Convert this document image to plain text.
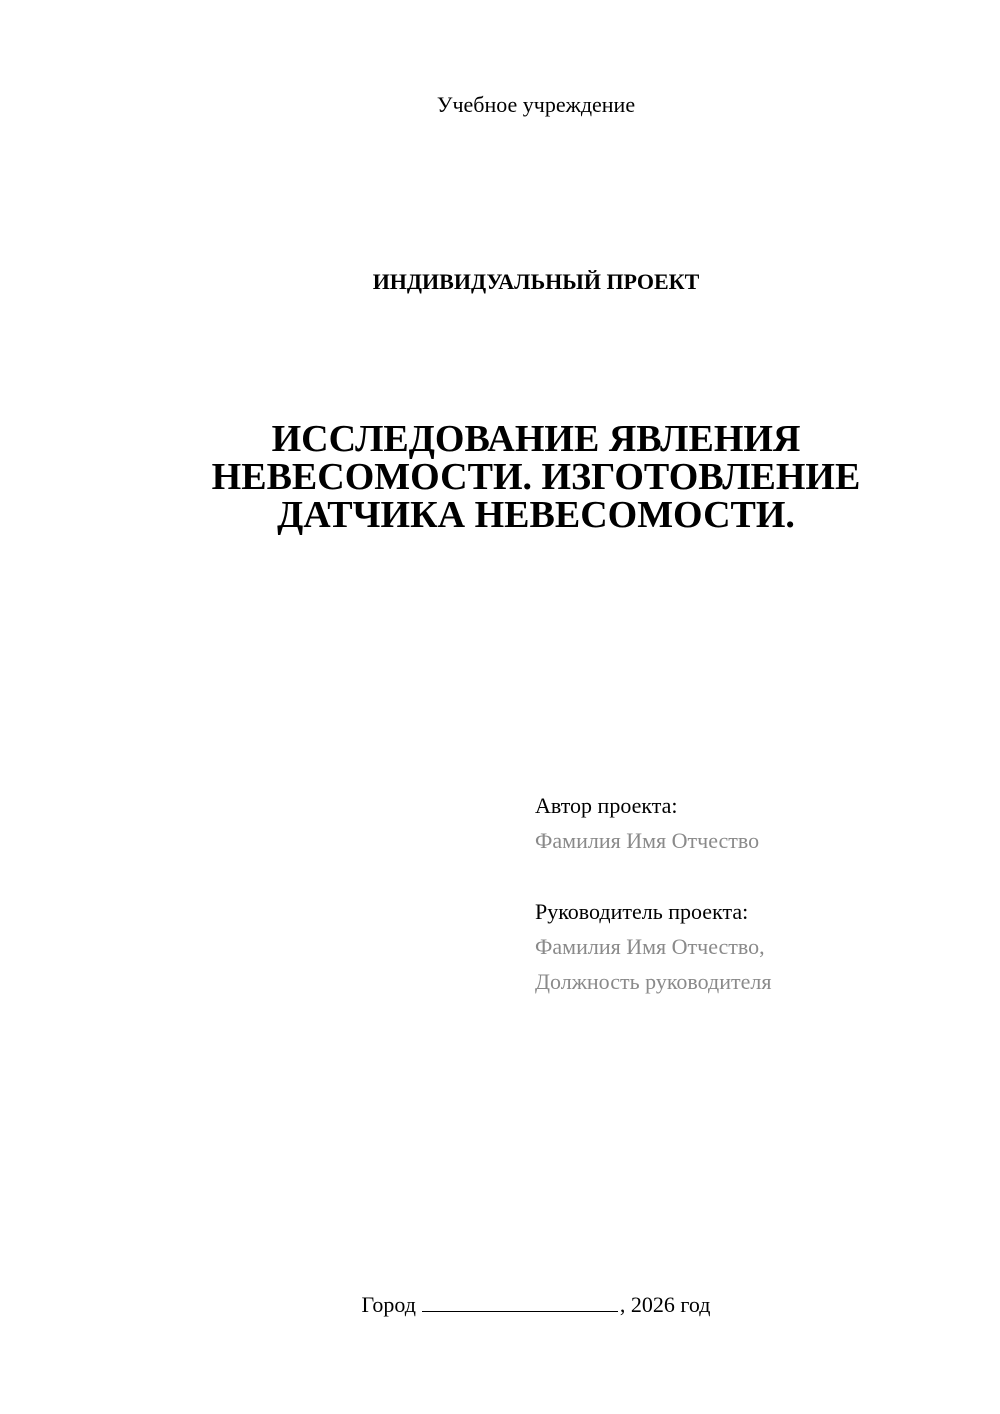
Учебное учреждение
ИНДИВИДУАЛЬНЫЙ ПРОЕКТ
ИССЛЕДОВАНИЕ ЯВЛЕНИЯ
НЕВЕСОМОСТИ. ИЗГОТОВЛЕНИЕ
ДАТЧИКА НЕВЕСОМОСТИ.
Автор проекта:
Фамилия Имя Отчество
Руководитель проекта:
Фамилия Имя Отчество,
Должность руководителя
Город	, 2026 год
